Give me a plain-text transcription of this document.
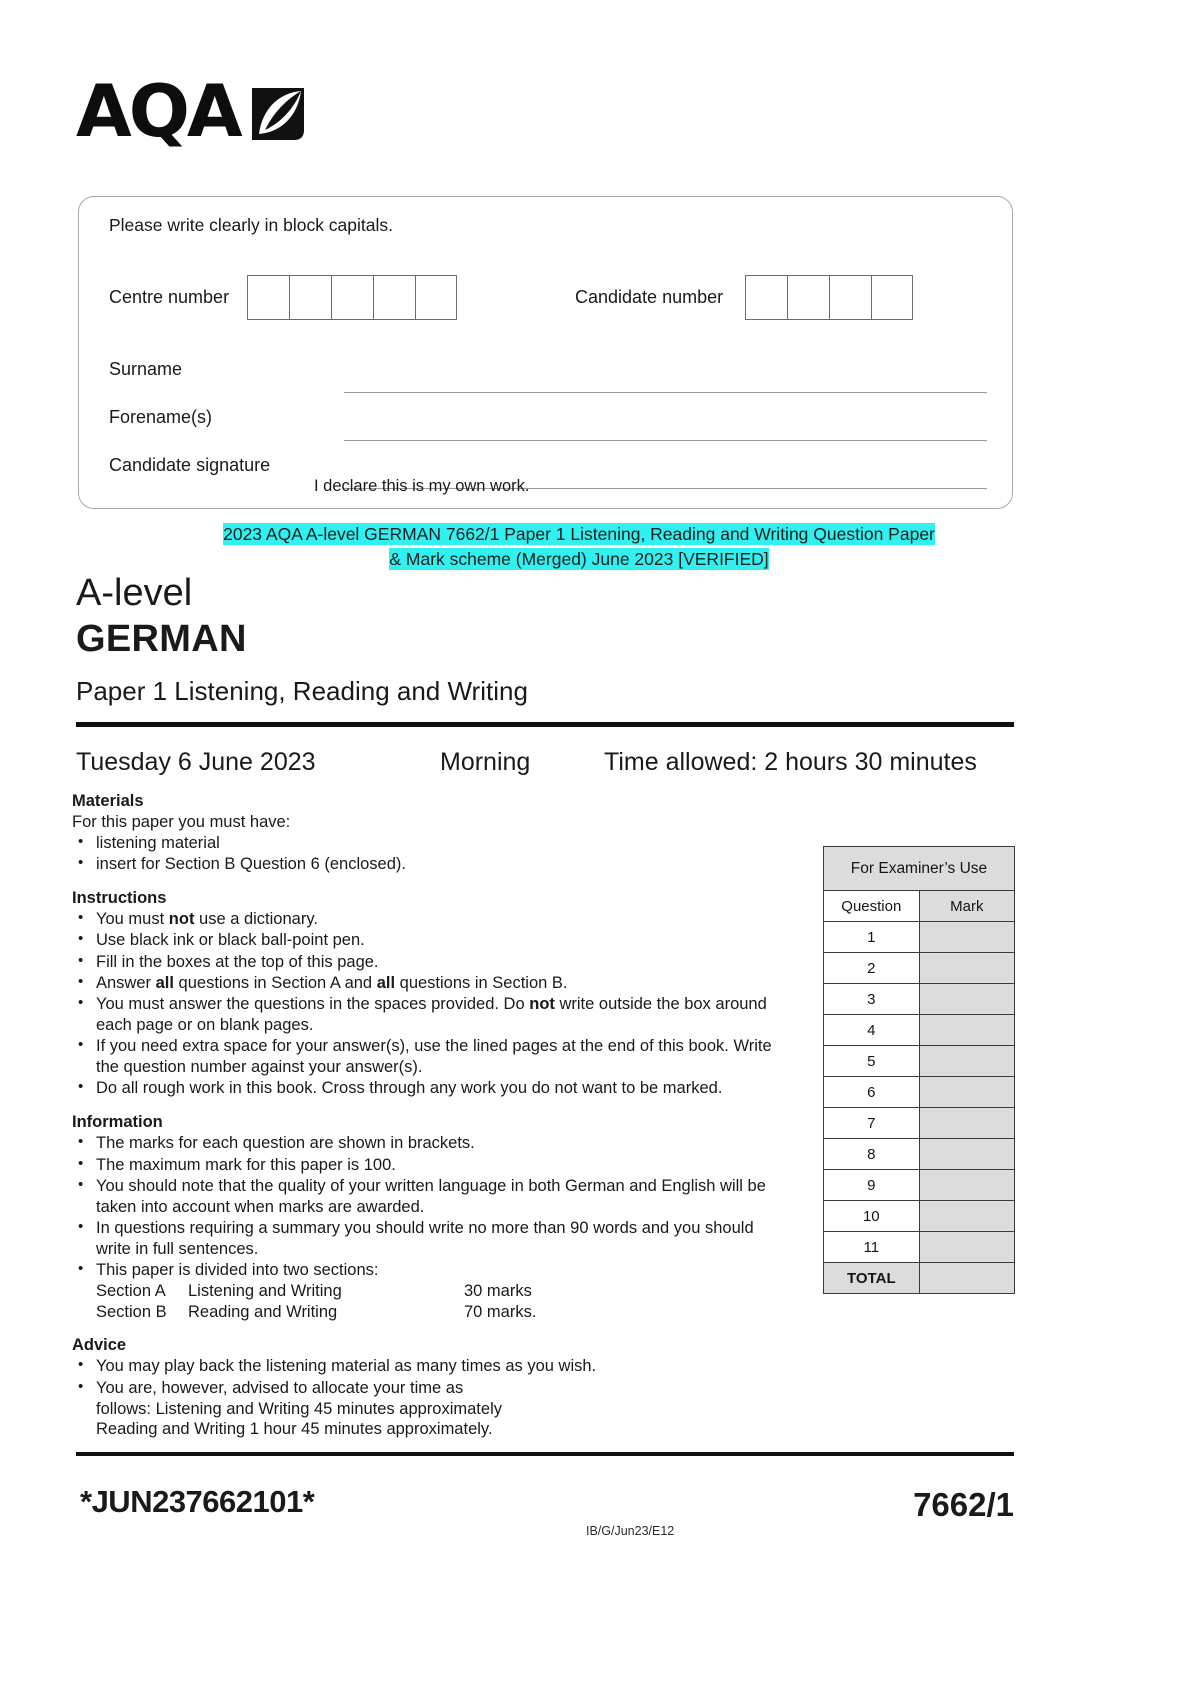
AQA
Please write clearly in block capitals.
Centre number	Candidate number
Surname
Forename(s)
Candidate signature
I declare this is my own work.
2023 AQA A-level GERMAN 7662/1 Paper 1 Listening, Reading and Writing Question Paper
& Mark scheme (Merged) June 2023 [VERIFIED]
A-level
GERMAN
Paper 1 Listening, Reading and Writing
Tuesday 6 June 2023	Morning	Time allowed: 2 hours 30 minutes
Materials
For this paper you must have:
• listening material
• insert for Section B Question 6 (enclosed).
Instructions
• You must not use a dictionary.
• Use black ink or black ball-point pen.
• Fill in the boxes at the top of this page.
• Answer all questions in Section A and all questions in Section B.
• You must answer the questions in the spaces provided. Do not write outside the box around each page or on blank pages.
• If you need extra space for your answer(s), use the lined pages at the end of this book. Write the question number against your answer(s).
• Do all rough work in this book. Cross through any work you do not want to be marked.
Information
• The marks for each question are shown in brackets.
• The maximum mark for this paper is 100.
• You should note that the quality of your written language in both German and English will be taken into account when marks are awarded.
• In questions requiring a summary you should write no more than 90 words and you should write in full sentences.
• This paper is divided into two sections:
Section A	Listening and Writing	30 marks
Section B	Reading and Writing	70 marks.
Advice
• You may play back the listening material as many times as you wish.
• You are, however, advised to allocate your time as
follows: Listening and Writing 45 minutes approximately
Reading and Writing 1 hour 45 minutes approximately.
For Examiner’s Use	
Question	Mark
1	
2	
3	
4	
5	
6	
7	
8	
9	
10	
11	
TOTAL	
*JUN237662101*
IB/G/Jun23/E12
7662/1
